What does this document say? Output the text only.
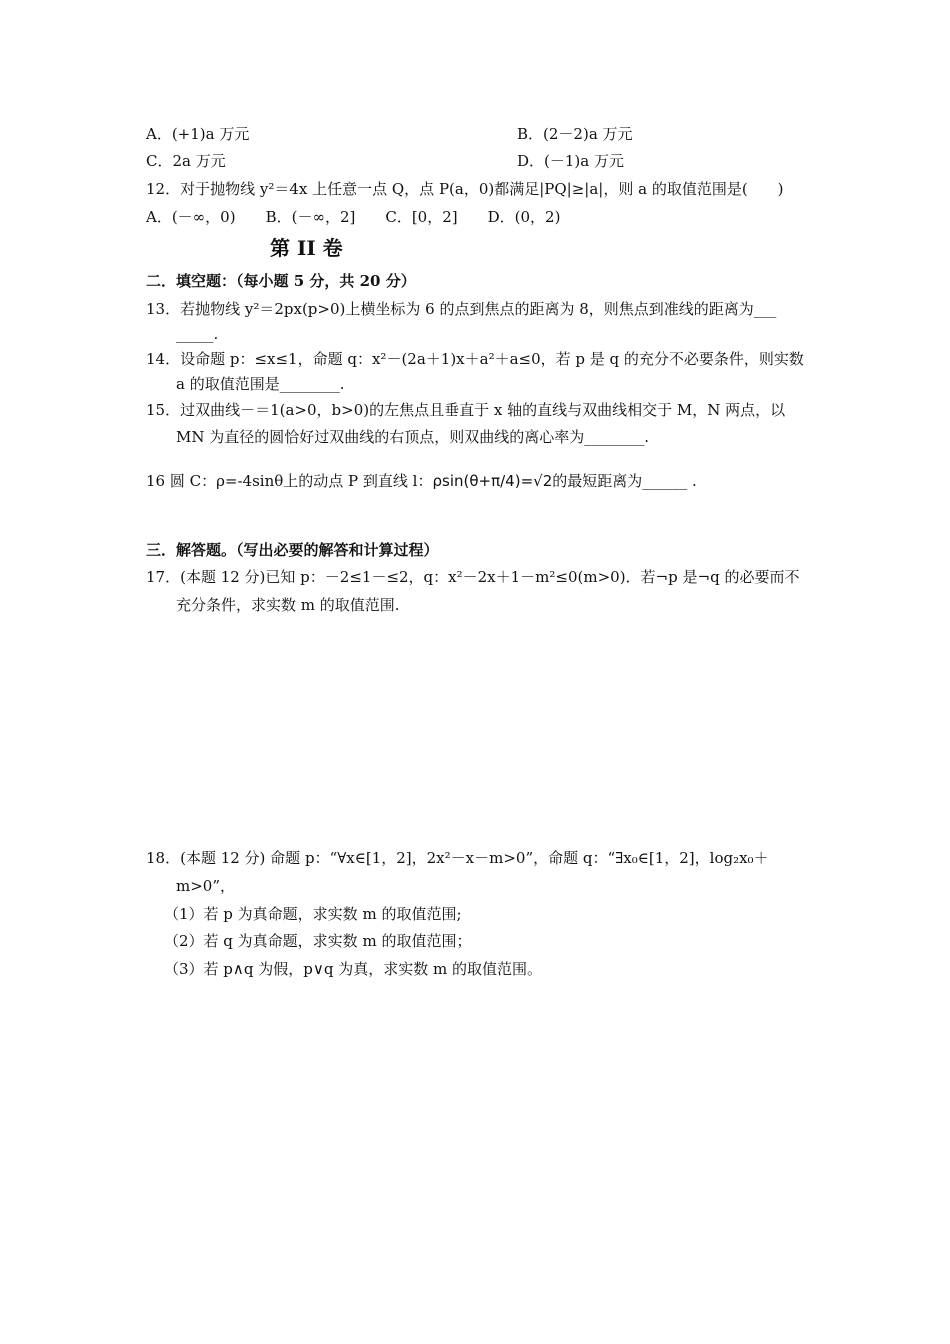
A．(+1)a 万元	B．(2－2)a 万元
C．2a 万元	D．(－1)a 万元
12．对于抛物线 y²＝4x 上任意一点 Q，点 P(a，0)都满足|PQ|≥|a|，则 a 的取值范围是(　　)
A．(－∞，0)　　B．(－∞，2]　　C．[0，2]　　D．(0，2)
第 II 卷
二．填空题：（每小题 5 分，共 20 分）
13．若抛物线 y²＝2px(p>0)上横坐标为 6 的点到焦点的距离为 8，则焦点到准线的距离为___
_____.
14．设命题 p：≤x≤1，命题 q：x²－(2a＋1)x＋a²＋a≤0，若 p 是 q 的充分不必要条件，则实数
a 的取值范围是________.
15．过双曲线－＝1(a>0，b>0)的左焦点且垂直于 x 轴的直线与双曲线相交于 M，N 两点，以
MN 为直径的圆恰好过双曲线的右顶点，则双曲线的离心率为________.
16 圆 C：ρ=-4sinθ上的动点 P 到直线 l：ρsin(θ+π/4)=√2的最短距离为______ .
三．解答题。（写出必要的解答和计算过程）
17．(本题 12 分)已知 p：－2≤1－≤2，q：x²－2x＋1－m²≤0(m>0)．若¬p 是¬q 的必要而不
充分条件，求实数 m 的取值范围.
18．(本题 12 分) 命题 p：“∀x∈[1，2]，2x²－x－m>0”，命题 q：“∃x₀∈[1，2]，log₂x₀＋
m>0”，
（1）若 p 为真命题，求实数 m 的取值范围;
（2）若 q 为真命题，求实数 m 的取值范围；
（3）若 p∧q 为假，p∨q 为真，求实数 m 的取值范围。
